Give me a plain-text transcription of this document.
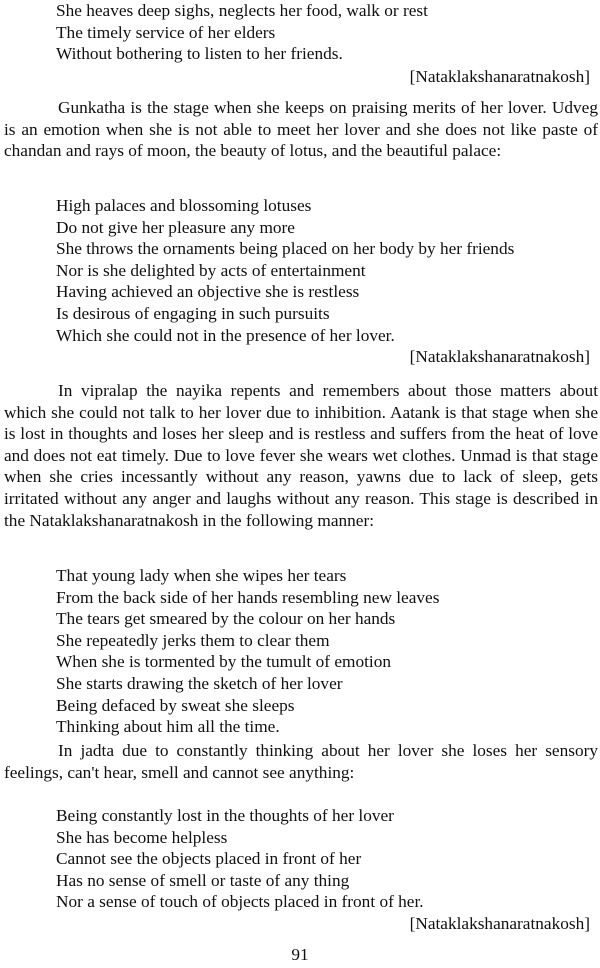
She heaves deep sighs, neglects her food, walk or rest
The timely service of her elders
Without bothering to listen to her friends.
[Nataklakshanaratnakosh]

Gunkatha is the stage when she keeps on praising merits of her lover. Udveg is an emotion when she is not able to meet her lover and she does not like paste of chandan and rays of moon, the beauty of lotus, and the beautiful palace:

High palaces and blossoming lotuses
Do not give her pleasure any more
She throws the ornaments being placed on her body by her friends
Nor is she delighted by acts of entertainment
Having achieved an objective she is restless
Is desirous of engaging in such pursuits
Which she could not in the presence of her lover.
[Nataklakshanaratnakosh]

In vipralap the nayika repents and remembers about those matters about which she could not talk to her lover due to inhibition. Aatank is that stage when she is lost in thoughts and loses her sleep and is restless and suffers from the heat of love and does not eat timely. Due to love fever she wears wet clothes. Unmad is that stage when she cries incessantly without any reason, yawns due to lack of sleep, gets irritated without any anger and laughs without any reason. This stage is described in the Nataklakshanaratnakosh in the following manner:

That young lady when she wipes her tears
From the back side of her hands resembling new leaves
The tears get smeared by the colour on her hands
She repeatedly jerks them to clear them
When she is tormented by the tumult of emotion
She starts drawing the sketch of her lover
Being defaced by sweat she sleeps
Thinking about him all the time.

In jadta due to constantly thinking about her lover she loses her sensory feelings, can't hear, smell and cannot see anything:

Being constantly lost in the thoughts of her lover
She has become helpless
Cannot see the objects placed in front of her
Has no sense of smell or taste of any thing
Nor a sense of touch of objects placed in front of her.
[Nataklakshanaratnakosh]
91
